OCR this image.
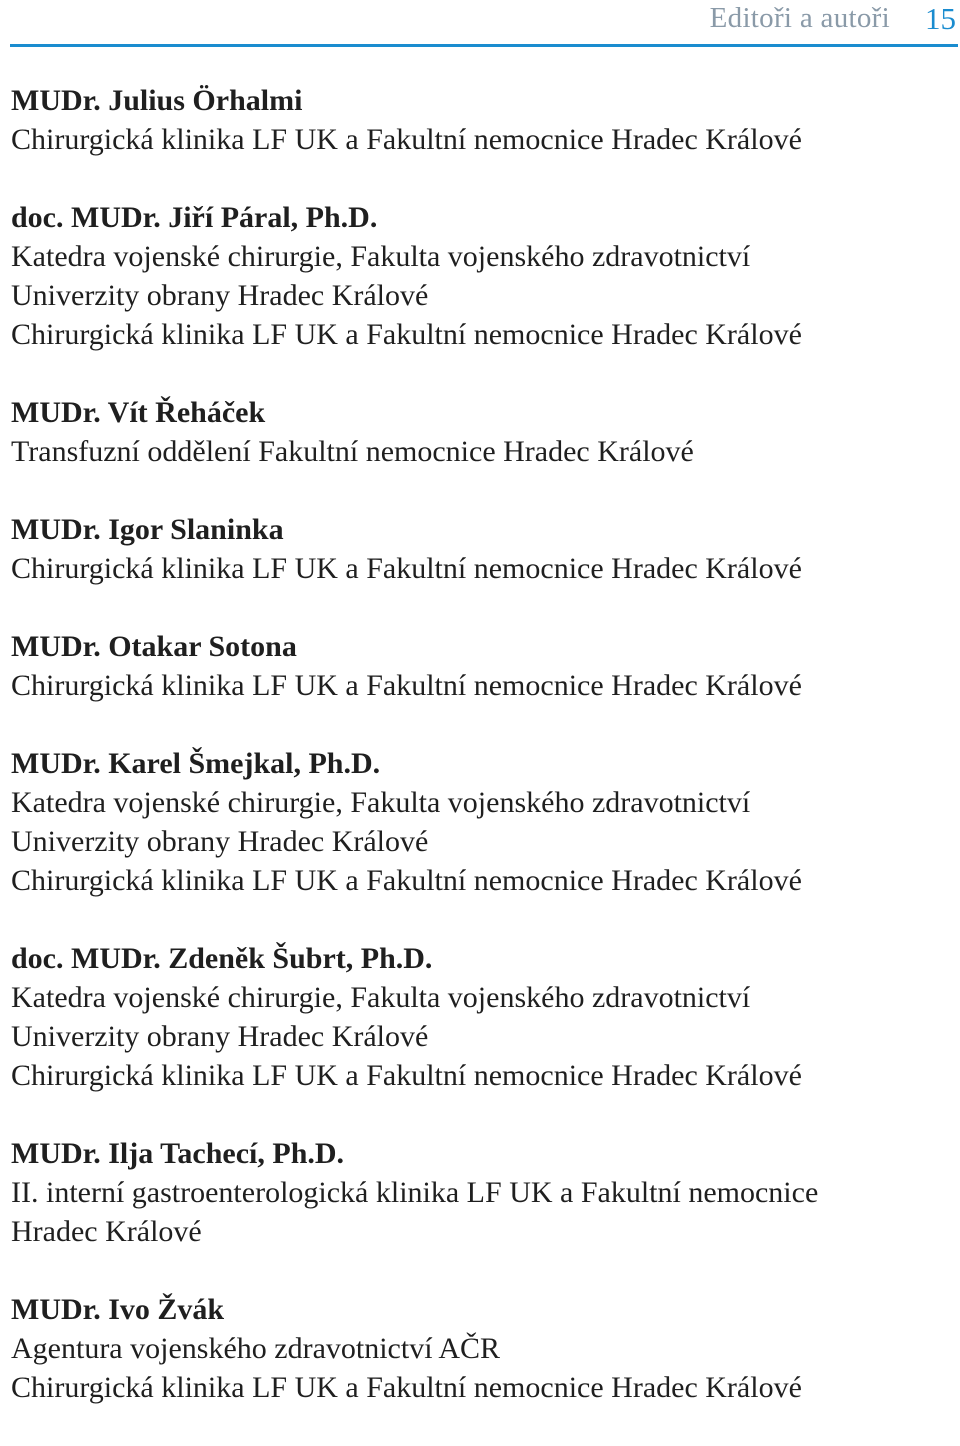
Editoři a autoři 15
MUDr. Julius Örhalmi
Chirurgická klinika LF UK a Fakultní nemocnice Hradec Králové
doc. MUDr. Jiří Páral, Ph.D.
Katedra vojenské chirurgie, Fakulta vojenského zdravotnictví
Univerzity obrany Hradec Králové
Chirurgická klinika LF UK a Fakultní nemocnice Hradec Králové
MUDr. Vít Řeháček
Transfuzní oddělení Fakultní nemocnice Hradec Králové
MUDr. Igor Slaninka
Chirurgická klinika LF UK a Fakultní nemocnice Hradec Králové
MUDr. Otakar Sotona
Chirurgická klinika LF UK a Fakultní nemocnice Hradec Králové
MUDr. Karel Šmejkal, Ph.D.
Katedra vojenské chirurgie, Fakulta vojenského zdravotnictví
Univerzity obrany Hradec Králové
Chirurgická klinika LF UK a Fakultní nemocnice Hradec Králové
doc. MUDr. Zdeněk Šubrt, Ph.D.
Katedra vojenské chirurgie, Fakulta vojenského zdravotnictví
Univerzity obrany Hradec Králové
Chirurgická klinika LF UK a Fakultní nemocnice Hradec Králové
MUDr. Ilja Tachecí, Ph.D.
II. interní gastroenterologická klinika LF UK a Fakultní nemocnice
Hradec Králové
MUDr. Ivo Žvák
Agentura vojenského zdravotnictví AČR
Chirurgická klinika LF UK a Fakultní nemocnice Hradec Králové
